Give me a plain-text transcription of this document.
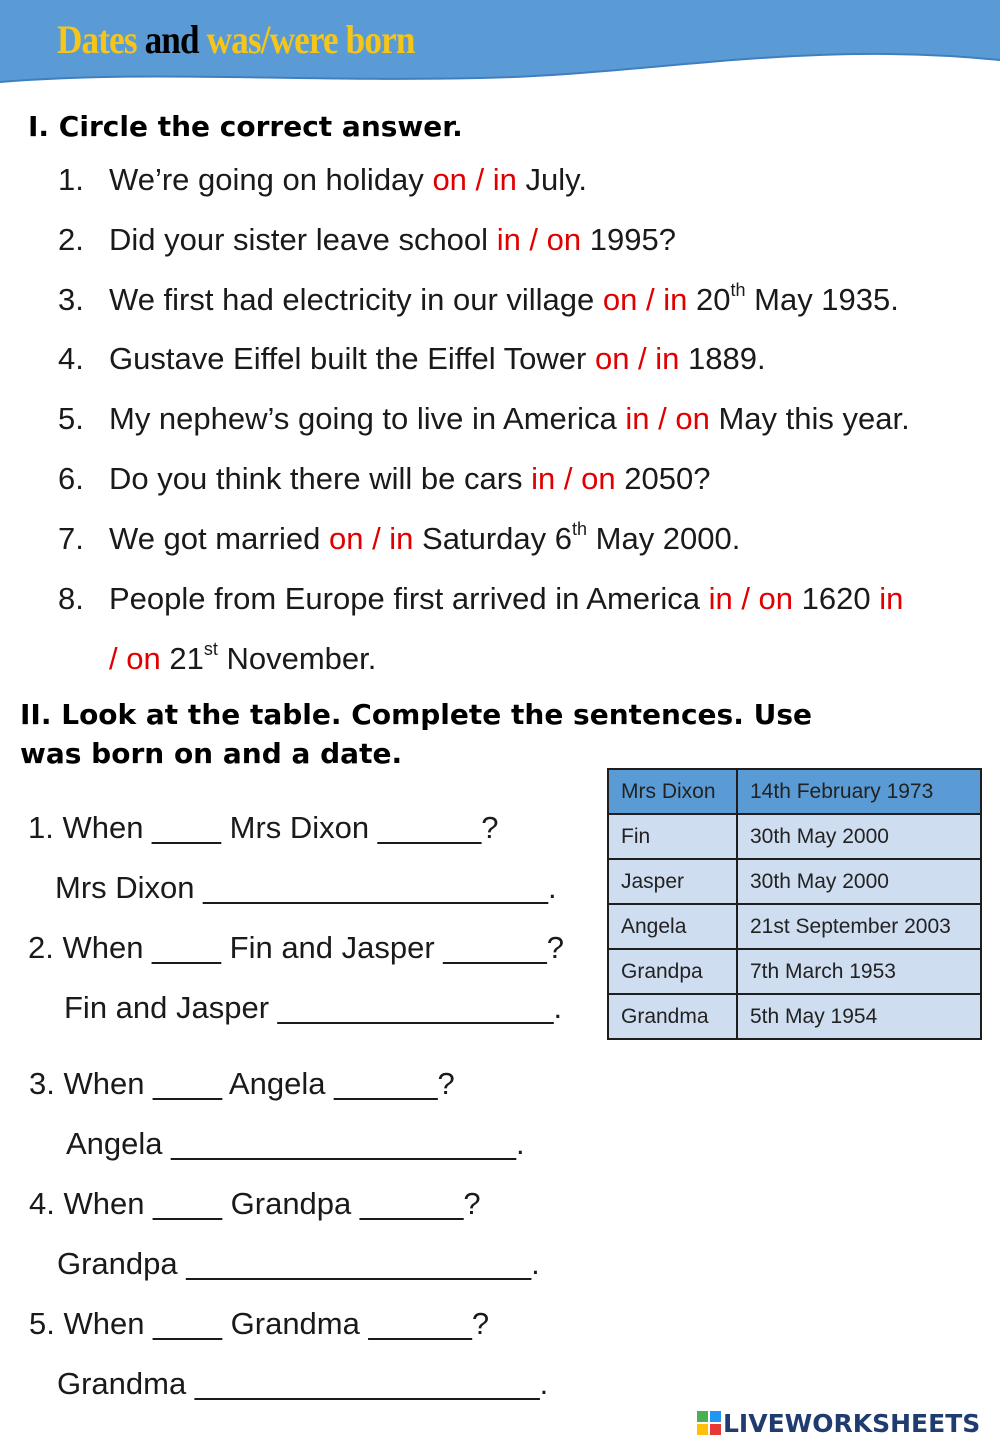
Dates and was/were born
I. Circle the correct answer.
1. We’re going on holiday on / in July.
2. Did your sister leave school in / on 1995?
3. We first had electricity in our village on / in 20th May 1935.
4. Gustave Eiffel built the Eiffel Tower on / in 1889.
5. My nephew’s going to live in America in / on May this year.
6. Do you think there will be cars in / on 2050?
7. We got married on / in Saturday 6th May 2000.
8. People from Europe first arrived in America in / on 1620 in
/ on 21st November.
II. Look at the table. Complete the sentences. Use
was born on and a date.
1. When ____ Mrs Dixon ______?
Mrs Dixon ____________________.
2. When ____ Fin and Jasper ______?
Fin and Jasper ________________.
3. When ____ Angela ______?
Angela ____________________.
4. When ____ Grandpa ______?
Grandpa ____________________.
5. When ____ Grandma ______?
Grandma ____________________.
Mrs Dixon	14th February 1973
Fin	30th May 2000
Jasper	30th May 2000
Angela	21st September 2003
Grandpa	7th March 1953
Grandma	5th May 1954
LIVEWORKSHEETS
